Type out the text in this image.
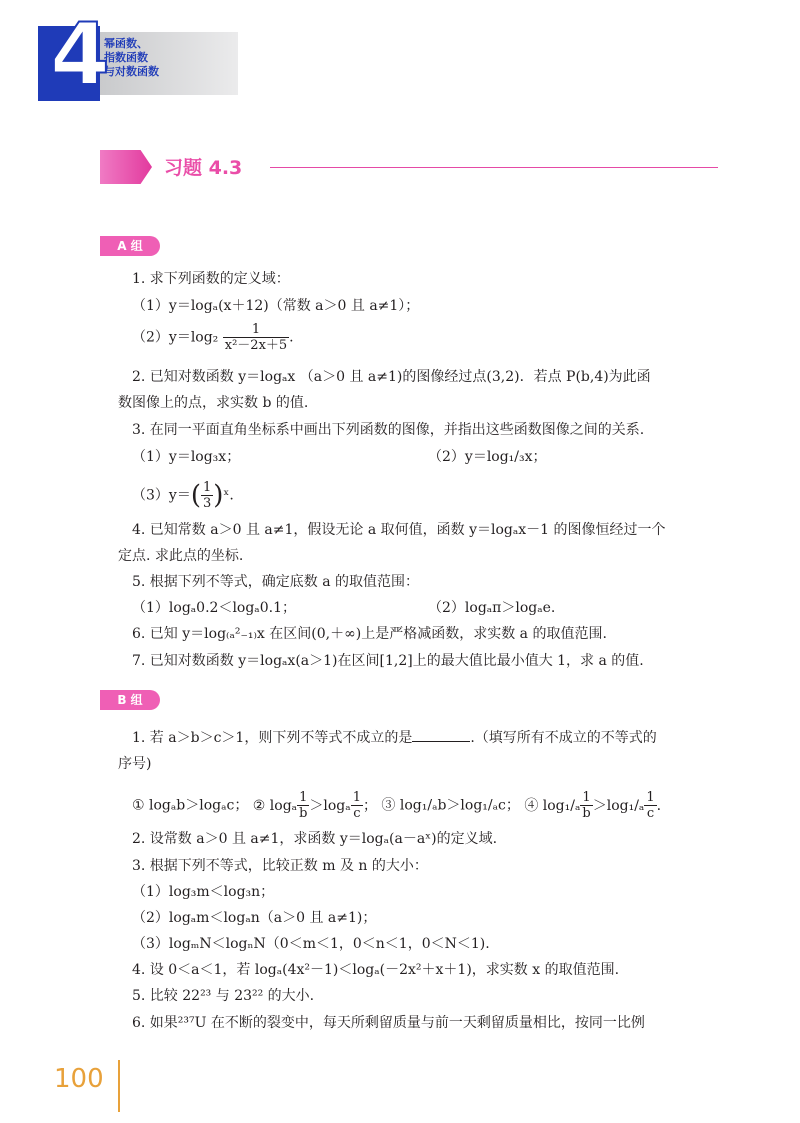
4
幂函数、
指数函数
与对数函数
习题 4.3
A 组
1. 求下列函数的定义域：
（1）y＝logₐ(x＋12)（常数 a＞0 且 a≠1）；
$(2)y=\log_2 \frac{1}{\text{x²－2x＋5}}$ .
2. 已知对数函数 y＝logₐx （a＞0 且 a≠1)的图像经过点(3,2)．若点 P(b,4)为此函
数图像上的点，求实数 b 的值.
3. 在同一平面直角坐标系中画出下列函数的图像，并指出这些函数图像之间的关系.
（1）y＝log₃x；	（2）y＝log₁/₃x；
$(3)y=( \frac{1}{3}$ )ˣ.
4. 已知常数 a＞0 且 a≠1，假设无论 a 取何值，函数 y＝logₐx－1 的图像恒经过一个
定点. 求此点的坐标.
5. 根据下列不等式，确定底数 a 的取值范围：
（1）logₐ0.2＜logₐ0.1；	（2）logₐπ＞logₐe.
6. 已知 y＝log₍ₐ²₋₁₎x 在区间(0,＋∞)上是严格减函数，求实数 a 的取值范围.
7. 已知对数函数 y＝logₐx(a＞1)在区间[1,2]上的最大值比最小值大 1，求 a 的值.
B 组
1. 若 a＞b＞c＞1，则下列不等式不成立的是	.（填写所有不成立的不等式的
序号)
① logₐb＞logₐc； ② logₐ $\frac{1}{b} >\log_a \frac{1}{c}$ ； ③ log₁/ₐb＞log₁/ₐc； ④ $\log_1/_a \frac{1}{b} >\log_1/_a \frac{1}{c}$ .
2. 设常数 a＞0 且 a≠1，求函数 y＝logₐ(a－aˣ)的定义域.
3. 根据下列不等式，比较正数 m 及 n 的大小：
（1）log₃m＜log₃n；
（2）logₐm＜logₐn（a＞0 且 a≠1)；
（3）logₘN＜logₙN（0＜m＜1，0＜n＜1，0＜N＜1).
4. 设 0＜a＜1，若 logₐ(4x²－1)＜logₐ(－2x²＋x＋1)，求实数 x 的取值范围.
5. 比较 22²³ 与 23²² 的大小.
6. 如果²³⁷U 在不断的裂变中，每天所剩留质量与前一天剩留质量相比，按同一比例
100
